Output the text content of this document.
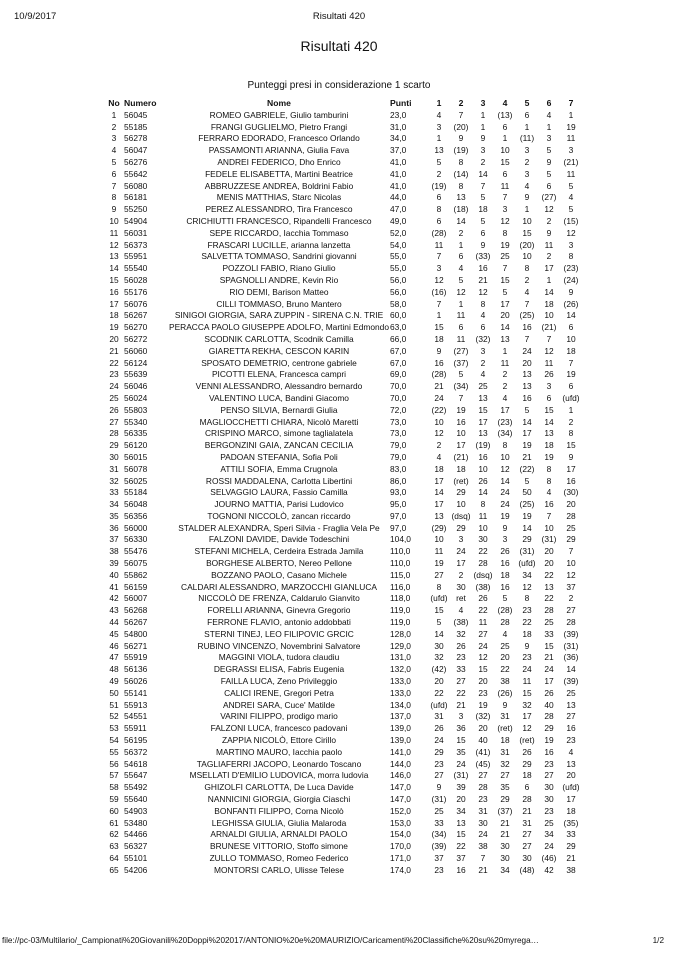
10/9/2017	Risultati 420
Risultati 420
Punteggi presi in considerazione 1 scarto
No	Numero	Nome	Punti	1	2	3	4	5	6	7
1	56045	ROMEO GABRIELE, Giulio tamburini	23,0	4	7	1	(13)	6	4	1
2	55185	FRANGI GUGLIELMO, Pietro Frangi	31,0	3	(20)	1	6	1	1	19
3	56278	FERRARO EDORADO, Francesco Orlando	34,0	1	9	9	1	(11)	3	11
4	56047	PASSAMONTI ARIANNA, Giulia Fava	37,0	13	(19)	3	10	3	5	3
5	56276	ANDREI FEDERICO, Dho Enrico	41,0	5	8	2	15	2	9	(21)
6	55642	FEDELE ELISABETTA, Martini Beatrice	41,0	2	(14)	14	6	3	5	11
7	56080	ABBRUZZESE ANDREA, Boldrini Fabio	41,0	(19)	8	7	11	4	6	5
8	56181	MENIS MATTHIAS, Starc Nicolas	44,0	6	13	5	7	9	(27)	4
9	55250	PEREZ ALESSANDRO, Tira Francesco	47,0	8	(18)	18	3	1	12	5
10	54904	CRICHIUTTI FRANCESCO, Ripandelli Francesco	49,0	6	14	5	12	10	2	(15)
11	56031	SEPE RICCARDO, Iacchia Tommaso	52,0	(28)	2	6	8	15	9	12
12	56373	FRASCARI LUCILLE, arianna lanzetta	54,0	11	1	9	19	(20)	11	3
13	55951	SALVETTA TOMMASO, Sandrini giovanni	55,0	7	6	(33)	25	10	2	8
14	55540	POZZOLI FABIO, Riano Giulio	55,0	3	4	16	7	8	17	(23)
15	56028	SPAGNOLLI ANDRE, Kevin Rio	56,0	12	5	21	15	2	1	(24)
16	55176	RIO DEMI, Barison Matteo	56,0	(16)	12	12	5	4	14	9
17	56076	CILLI TOMMASO, Bruno Mantero	58,0	7	1	8	17	7	18	(26)
18	56267	SINIGOI GIORGIA, SARA ZUPPIN - SIRENA C.N. TRIE	60,0	1	11	4	20	(25)	10	14
19	56270	PERACCA PAOLO GIUSEPPE ADOLFO, Martini Edmondo	63,0	15	6	6	14	16	(21)	6
20	56272	SCODNIK CARLOTTA, Scodnik Camilla	66,0	18	11	(32)	13	7	7	10
21	56060	GIARETTA REKHA, CESCON KARIN	67,0	9	(27)	3	1	24	12	18
22	56124	SPOSATO DEMETRIO, centrone gabriele	67,0	16	(37)	2	11	20	11	7
23	55639	PICOTTI ELENA, Francesca campri	69,0	(28)	5	4	2	13	26	19
24	56046	VENNI ALESSANDRO, Alessandro bernardo	70,0	21	(34)	25	2	13	3	6
25	56024	VALENTINO LUCA, Bandini Giacomo	70,0	24	7	13	4	16	6	(ufd)
26	55803	PENSO SILVIA, Bernardi Giulia	72,0	(22)	19	15	17	5	15	1
27	55340	MAGLIOCCHETTI CHIARA, Nicolò Maretti	73,0	10	16	17	(23)	14	14	2
28	56335	CRISPINO MARCO, simone taglialatela	73,0	12	10	13	(34)	17	13	8
29	56120	BERGONZINI GAIA, ZANCAN CECILIA	79,0	2	17	(19)	8	19	18	15
30	56015	PADOAN STEFANIA, Sofia Poli	79,0	4	(21)	16	10	21	19	9
31	56078	ATTILI SOFIA, Emma Crugnola	83,0	18	18	10	12	(22)	8	17
32	56025	ROSSI MADDALENA, Carlotta Libertini	86,0	17	(ret)	26	14	5	8	16
33	55184	SELVAGGIO LAURA, Fassio Camilla	93,0	14	29	14	24	50	4	(30)
34	56048	JOURNO MATTIA, Parisi Ludovico	95,0	17	10	8	24	(25)	16	20
35	56356	TOGNONI NICCOLÒ, zancan riccardo	97,0	13	(dsq)	11	19	19	7	28
36	56000	STALDER ALEXANDRA, Speri Silvia - Fraglia Vela Pe	97,0	(29)	29	10	9	14	10	25
37	56330	FALZONI DAVIDE, Davide Todeschini	104,0	10	3	30	3	29	(31)	29
38	55476	STEFANI MICHELA, Cerdeira Estrada Jamila	110,0	11	24	22	26	(31)	20	7
39	56075	BORGHESE ALBERTO, Nereo Pellone	110,0	19	17	28	16	(ufd)	20	10
40	55862	BOZZANO PAOLO, Casano Michele	115,0	27	2	(dsq)	18	34	22	12
41	56159	CALDARI ALESSANDRO, MARZOCCHI GIANLUCA	116,0	8	30	(38)	16	12	13	37
42	56007	NICCOLÒ DE FRENZA, Caldarulo Gianvito	118,0	(ufd)	ret	26	5	8	22	2
43	56268	FORELLI ARIANNA, Ginevra Gregorio	119,0	15	4	22	(28)	23	28	27
44	56267	FERRONE FLAVIO, antonio addobbati	119,0	5	(38)	11	28	22	25	28
45	54800	STERNI TINEJ, LEO FILIPOVIC GRCIC	128,0	14	32	27	4	18	33	(39)
46	56271	RUBINO VINCENZO, Novembrini Salvatore	129,0	30	26	24	25	9	15	(31)
47	55919	MAGGINI VIOLA, tudora claudiu	131,0	32	23	12	20	23	21	(36)
48	56136	DEGRASSI ELISA, Fabris Eugenia	132,0	(42)	33	15	22	24	24	14
49	56026	FAILLA LUCA, Zeno Privileggio	133,0	20	27	20	38	11	17	(39)
50	55141	CALICI IRENE, Gregori Petra	133,0	22	22	23	(26)	15	26	25
51	55913	ANDREI SARA, Cuce' Matilde	134,0	(ufd)	21	19	9	32	40	13
52	54551	VARINI FILIPPO, prodigo mario	137,0	31	3	(32)	31	17	28	27
53	55911	FALZONI LUCA, francesco padovani	139,0	26	36	20	(ret)	12	29	16
54	56195	ZAPPIA NICOLÒ, Ettore Cirillo	139,0	24	15	40	18	(ret)	19	23
55	56372	MARTINO MAURO, Iacchia paolo	141,0	29	35	(41)	31	26	16	4
56	54618	TAGLIAFERRI JACOPO, Leonardo Toscano	144,0	23	24	(45)	32	29	23	13
57	55647	MSELLATI D'EMILIO LUDOVICA, morra ludovia	146,0	27	(31)	27	27	18	27	20
58	55492	GHIZOLFI CARLOTTA, De Luca Davide	147,0	9	39	28	35	6	30	(ufd)
59	55640	NANNICINI GIORGIA, Giorgia Ciaschi	147,0	(31)	20	23	29	28	30	17
60	54903	BONFANTI FILIPPO, Corna Nicolò	152,0	25	34	31	(37)	21	23	18
61	53480	LEGHISSA GIULIA, Giulia Malaroda	153,0	33	13	30	21	31	25	(35)
62	54466	ARNALDI GIULIA, ARNALDI PAOLO	154,0	(34)	15	24	21	27	34	33
63	56327	BRUNESE VITTORIO, Stoffo simone	170,0	(39)	22	38	30	27	24	29
64	55101	ZULLO TOMMASO, Romeo Federico	171,0	37	37	7	30	30	(46)	21
65	54206	MONTORSI CARLO, Ulisse Telese	174,0	23	16	21	34	(48)	42	38
file://pc-03/Multilario/_Campionati%20Giovanili%20Doppi%202017/ANTONIO%20e%20MAURIZIO/Caricamenti%20Classifiche%20su%20myrega…	1/2
